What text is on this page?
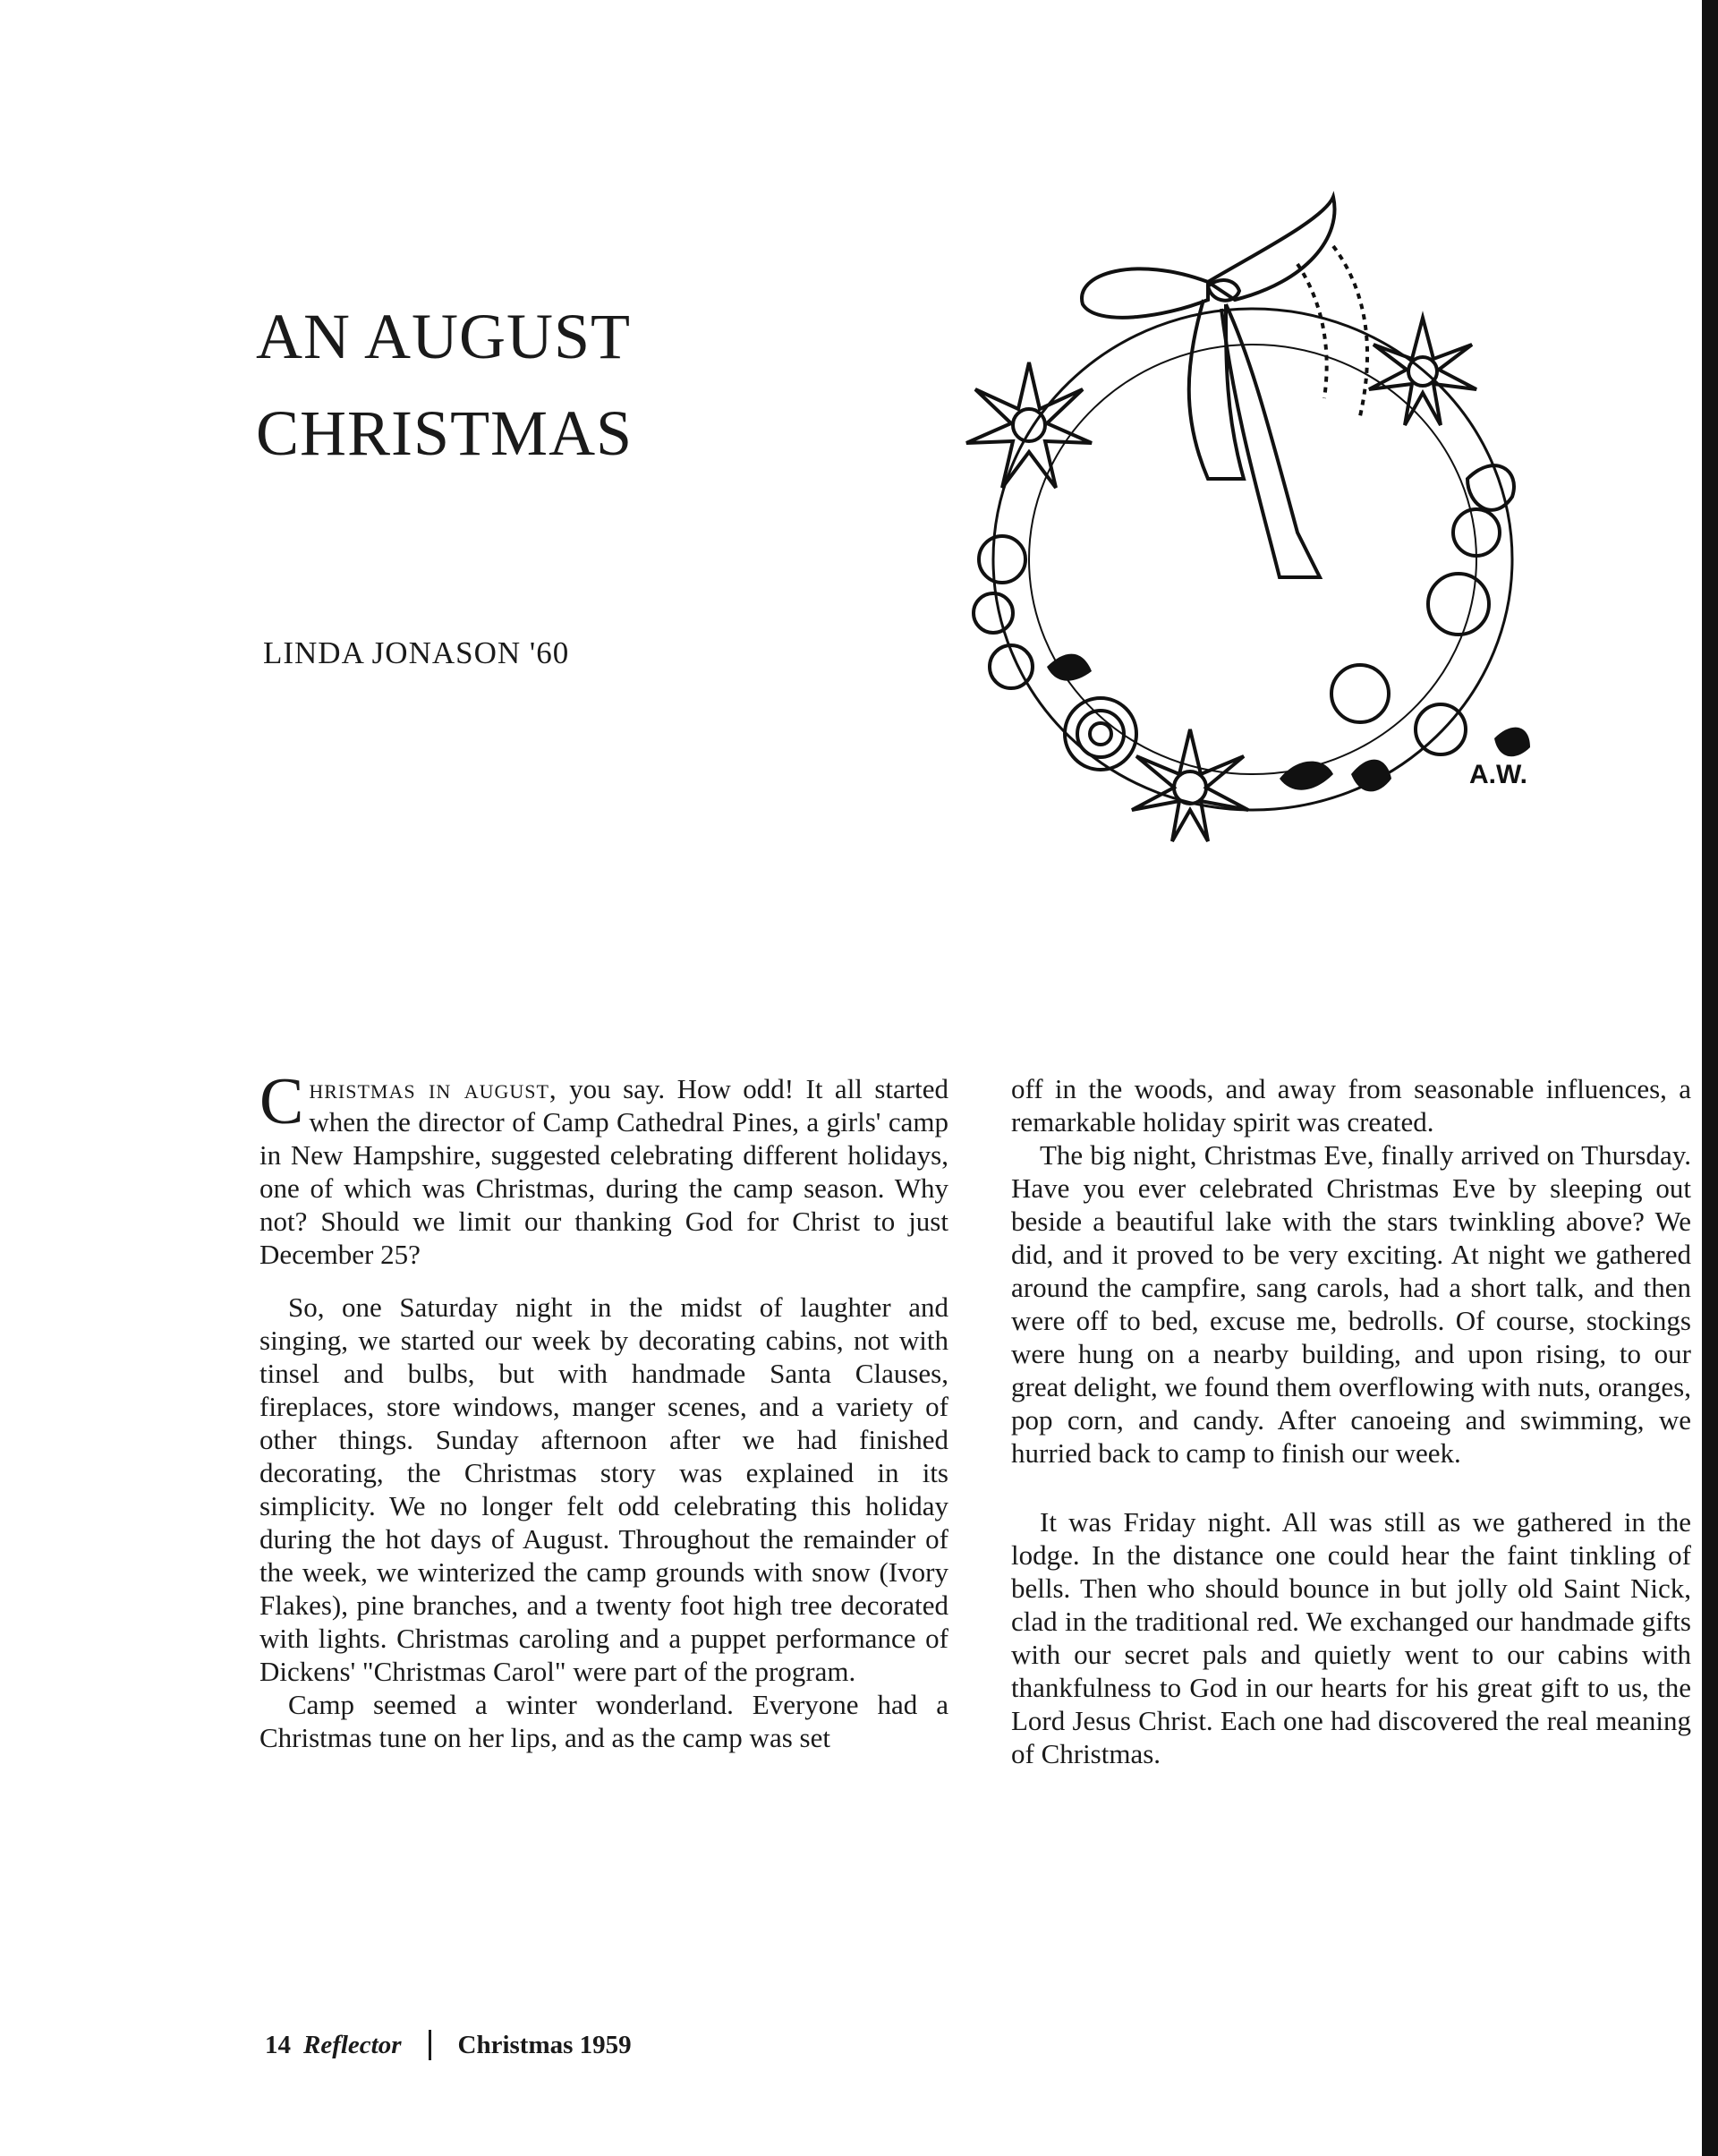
AN AUGUST
CHRISTMAS
LINDA JONASON '60
A.W.

Christmas in august, you say. How odd! It all started when the director of Camp Cathedral Pines, a girls' camp in New Hampshire, suggested celebrating different holidays, one of which was Christmas, during the camp season. Why not? Should we limit our thanking God for Christ to just December 25?

So, one Saturday night in the midst of laughter and singing, we started our week by decorating cabins, not with tinsel and bulbs, but with handmade Santa Clauses, fireplaces, store windows, manger scenes, and a variety of other things. Sunday afternoon after we had finished decorating, the Christmas story was explained in its simplicity. We no longer felt odd celebrating this holiday during the hot days of August. Throughout the remainder of the week, we winterized the camp grounds with snow (Ivory Flakes), pine branches, and a twenty foot high tree decorated with lights. Christmas caroling and a puppet performance of Dickens' "Christmas Carol" were part of the program.

Camp seemed a winter wonderland. Everyone had a Christmas tune on her lips, and as the camp was set

off in the woods, and away from seasonable influences, a remarkable holiday spirit was created.

The big night, Christmas Eve, finally arrived on Thursday. Have you ever celebrated Christmas Eve by sleeping out beside a beautiful lake with the stars twinkling above? We did, and it proved to be very exciting. At night we gathered around the campfire, sang carols, had a short talk, and then were off to bed, excuse me, bedrolls. Of course, stockings were hung on a nearby building, and upon rising, to our great delight, we found them overflowing with nuts, oranges, pop corn, and candy. After canoeing and swimming, we hurried back to camp to finish our week.

It was Friday night. All was still as we gathered in the lodge. In the distance one could hear the faint tinkling of bells. Then who should bounce in but jolly old Saint Nick, clad in the traditional red. We exchanged our handmade gifts with our secret pals and quietly went to our cabins with thankfulness to God in our hearts for his great gift to us, the Lord Jesus Christ. Each one had discovered the real meaning of Christmas.

14 Reflector Christmas 1959
